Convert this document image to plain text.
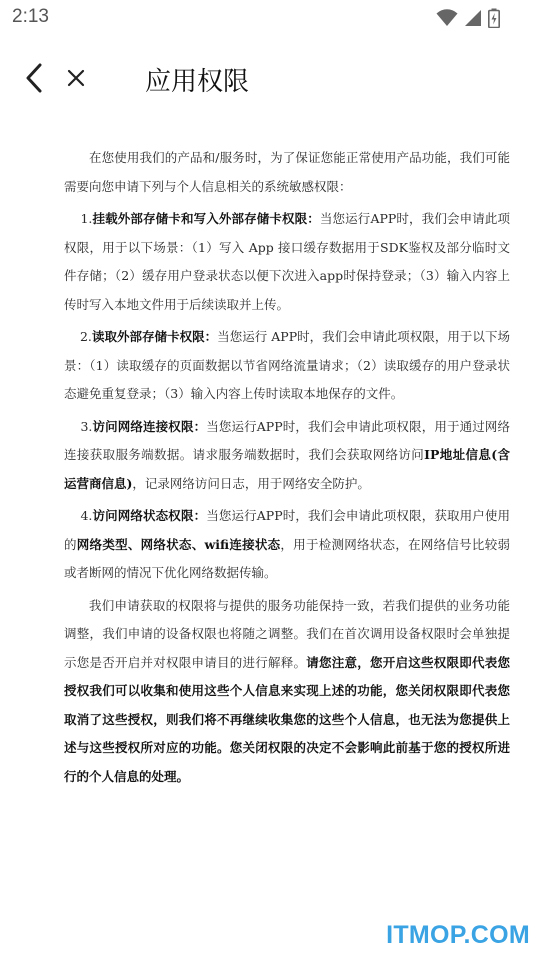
2:13
应用权限

在您使用我们的产品和/服务时，为了保证您能正常使用产品功能，我们可能需要向您申请下列与个人信息相关的系统敏感权限：

1.挂载外部存储卡和写入外部存储卡权限：当您运行APP时，我们会申请此项权限，用于以下场景：（1）写入 App 接口缓存数据用于SDK鉴权及部分临时文件存储；（2）缓存用户登录状态以便下次进入app时保持登录；（3）输入内容上传时写入本地文件用于后续读取并上传。

2.读取外部存储卡权限：当您运行 APP时，我们会申请此项权限，用于以下场景：（1）读取缓存的页面数据以节省网络流量请求；（2）读取缓存的用户登录状态避免重复登录；（3）输入内容上传时读取本地保存的文件。

3.访问网络连接权限：当您运行APP时，我们会申请此项权限，用于通过网络连接获取服务端数据。请求服务端数据时，我们会获取网络访问IP地址信息(含运营商信息)，记录网络访问日志，用于网络安全防护。

4.访问网络状态权限：当您运行APP时，我们会申请此项权限，获取用户使用的网络类型、网络状态、wifi连接状态，用于检测网络状态，在网络信号比较弱或者断网的情况下优化网络数据传输。

我们申请获取的权限将与提供的服务功能保持一致，若我们提供的业务功能调整，我们申请的设备权限也将随之调整。我们在首次调用设备权限时会单独提示您是否开启并对权限申请目的进行解释。请您注意，您开启这些权限即代表您授权我们可以收集和使用这些个人信息来实现上述的功能，您关闭权限即代表您取消了这些授权，则我们将不再继续收集您的这些个人信息，也无法为您提供上述与这些授权所对应的功能。您关闭权限的决定不会影响此前基于您的授权所进行的个人信息的处理。

ITMOP.COM
